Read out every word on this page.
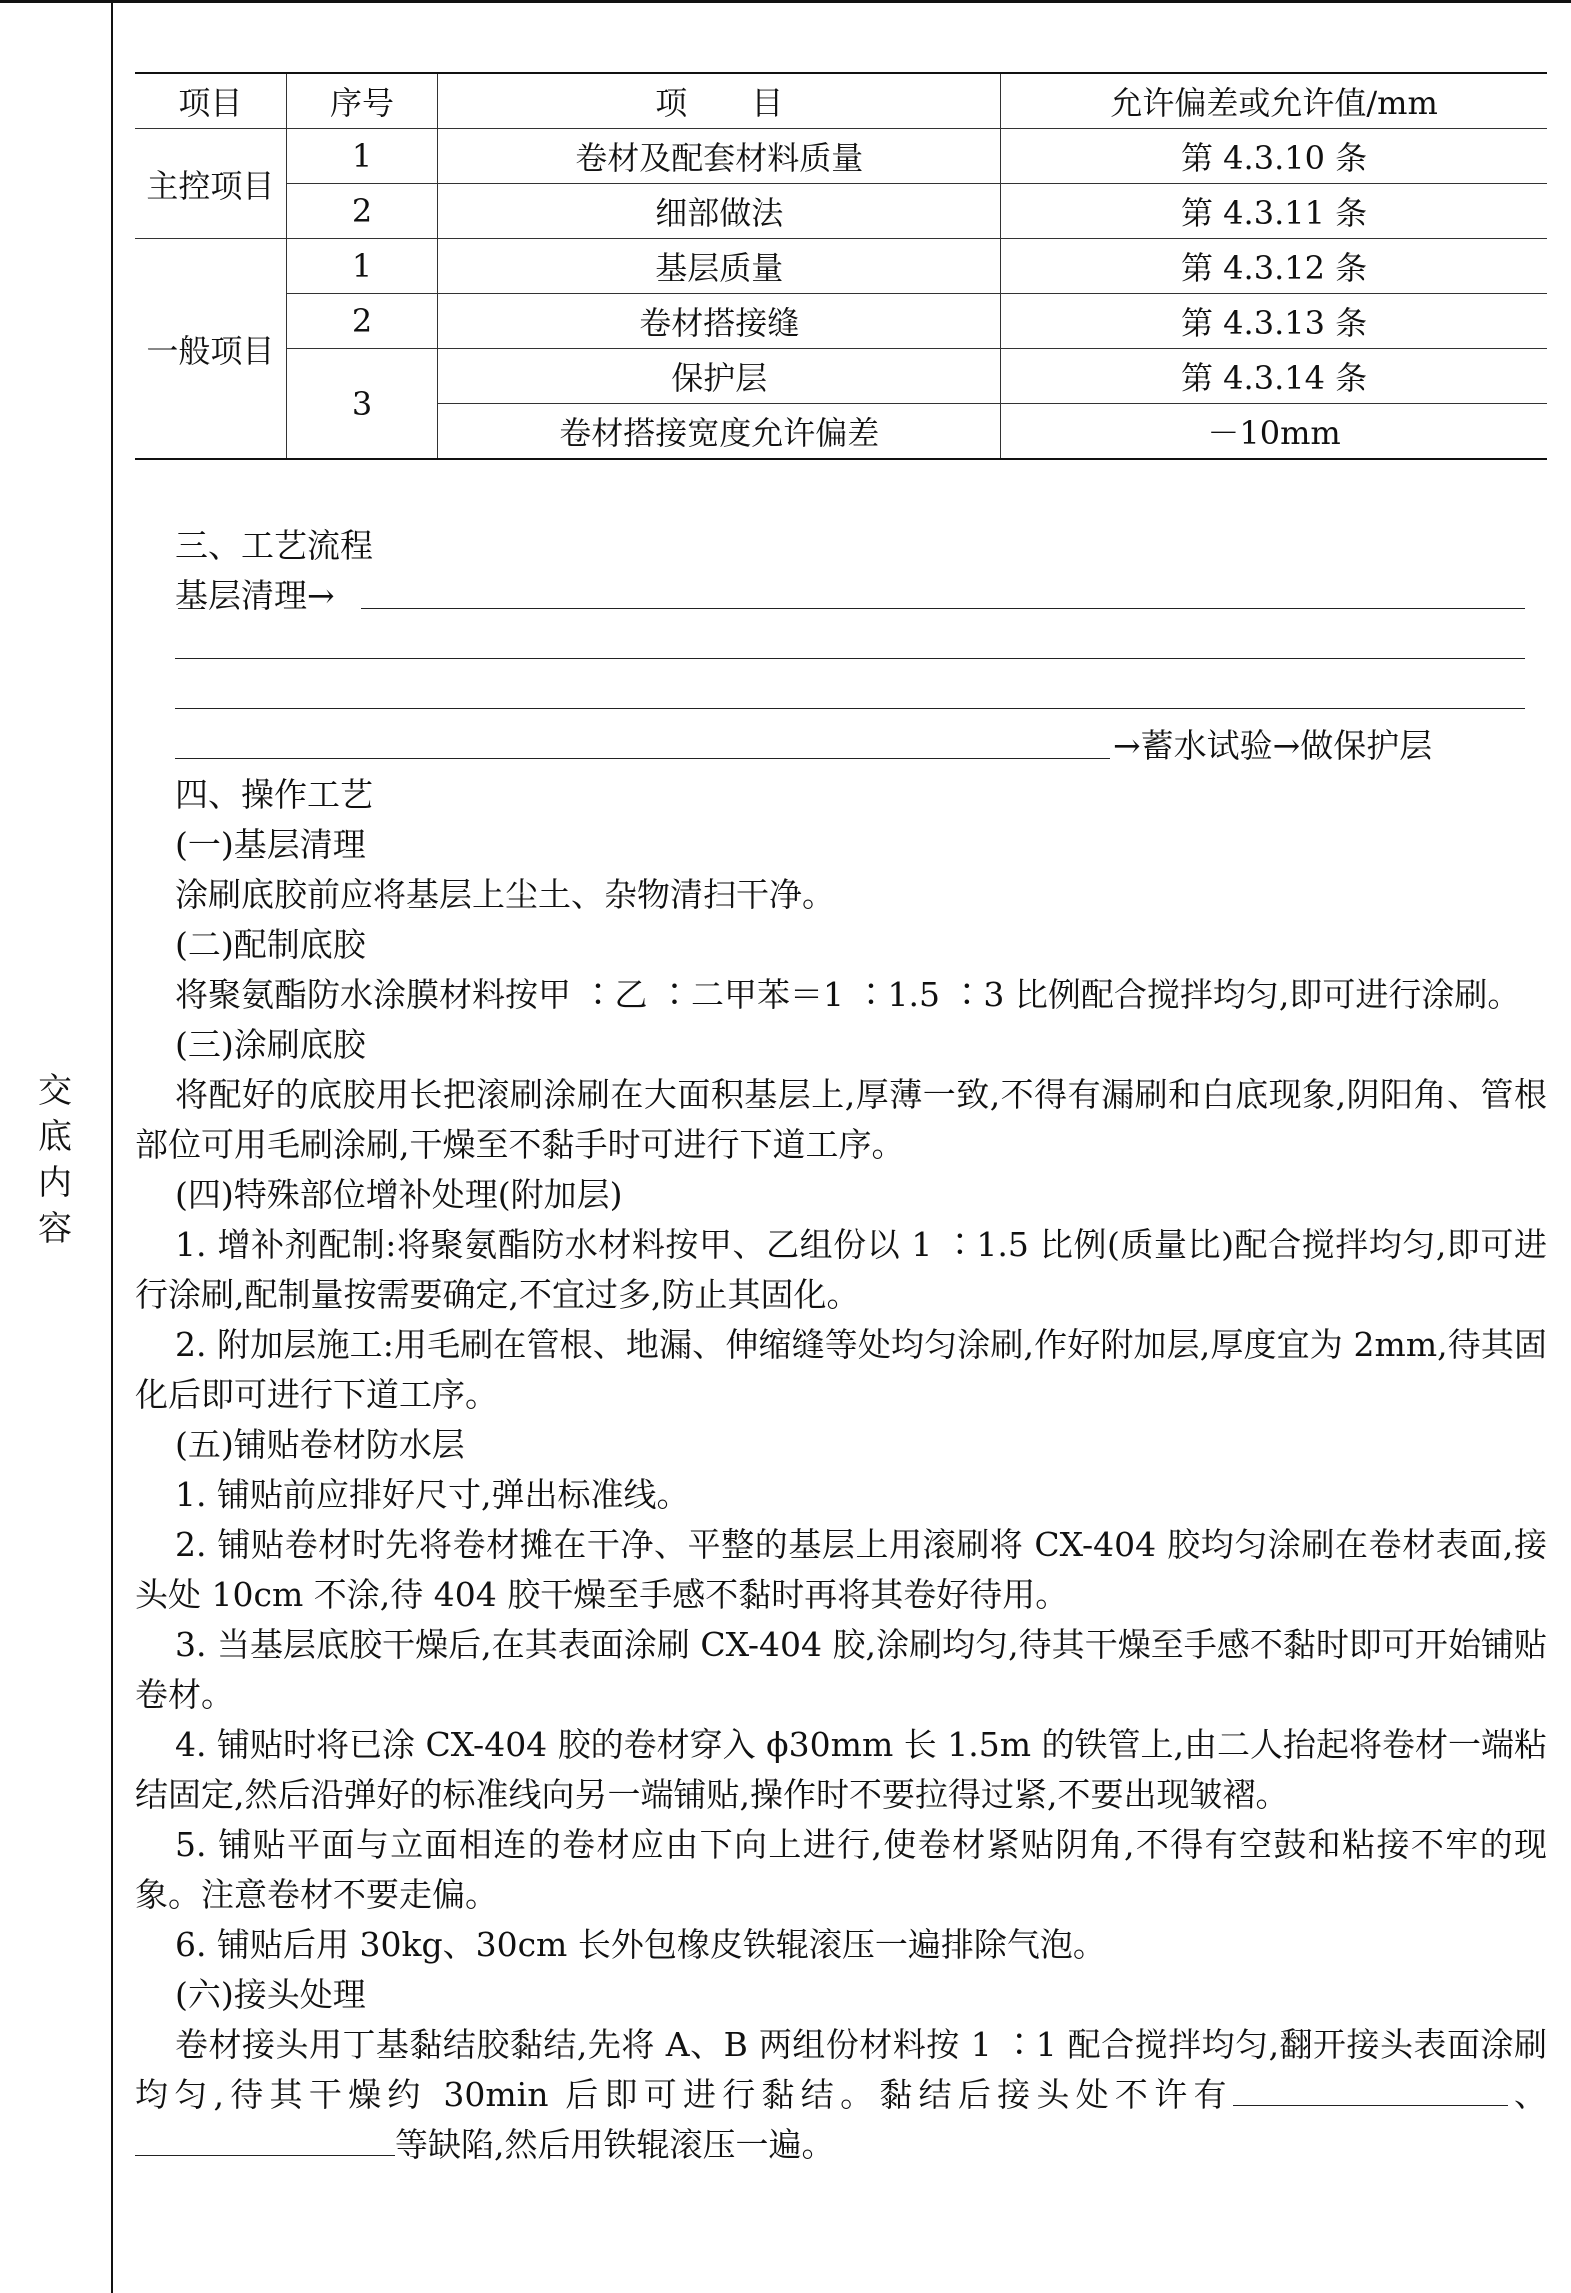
交
底
内
容
项目	序号	项　　目	允许偏差或允许值/mm
主控项目	1	卷材及配套材料质量	第 4.3.10 条
	2	细部做法	第 4.3.11 条
一般项目	1	基层质量	第 4.3.12 条
	2	卷材搭接缝	第 4.3.13 条
	3	保护层	第 4.3.14 条
		卷材搭接宽度允许偏差	－10mm
三、工艺流程
基层清理→
→蓄水试验→做保护层

四、操作工艺

(一)基层清理

涂刷底胶前应将基层上尘土、杂物清扫干净。

(二)配制底胶

将聚氨酯防水涂膜材料按甲 ∶乙 ∶二甲苯＝1 ∶1.5 ∶3 比例配合搅拌均匀,即可进行涂刷。

(三)涂刷底胶

将配好的底胶用长把滚刷涂刷在大面积基层上,厚薄一致,不得有漏刷和白底现象,阴阳角、管根部位可用毛刷涂刷,干燥至不黏手时可进行下道工序。

(四)特殊部位增补处理(附加层)

1. 增补剂配制:将聚氨酯防水材料按甲、乙组份以 1 ∶1.5 比例(质量比)配合搅拌均匀,即可进行涂刷,配制量按需要确定,不宜过多,防止其固化。

2. 附加层施工:用毛刷在管根、地漏、伸缩缝等处均匀涂刷,作好附加层,厚度宜为 2mm,待其固化后即可进行下道工序。

(五)铺贴卷材防水层

1. 铺贴前应排好尺寸,弹出标准线。

2. 铺贴卷材时先将卷材摊在干净、平整的基层上用滚刷将 CX-404 胶均匀涂刷在卷材表面,接头处 10cm 不涂,待 404 胶干燥至手感不黏时再将其卷好待用。

3. 当基层底胶干燥后,在其表面涂刷 CX-404 胶,涂刷均匀,待其干燥至手感不黏时即可开始铺贴卷材。

4. 铺贴时将已涂 CX-404 胶的卷材穿入 ϕ30mm 长 1.5m 的铁管上,由二人抬起将卷材一端粘结固定,然后沿弹好的标准线向另一端铺贴,操作时不要拉得过紧,不要出现皱褶。

5. 铺贴平面与立面相连的卷材应由下向上进行,使卷材紧贴阴角,不得有空鼓和粘接不牢的现象。注意卷材不要走偏。

6. 铺贴后用 30kg、30cm 长外包橡皮铁辊滚压一遍排除气泡。

(六)接头处理

卷材接头用丁基黏结胶黏结,先将 A、B 两组份材料按 1 ∶1 配合搅拌均匀,翻开接头表面涂刷均匀,待其干燥约 30min 后即可进行黏结。黏结后接头处不许有	、等缺陷,然后用铁辊滚压一遍。
